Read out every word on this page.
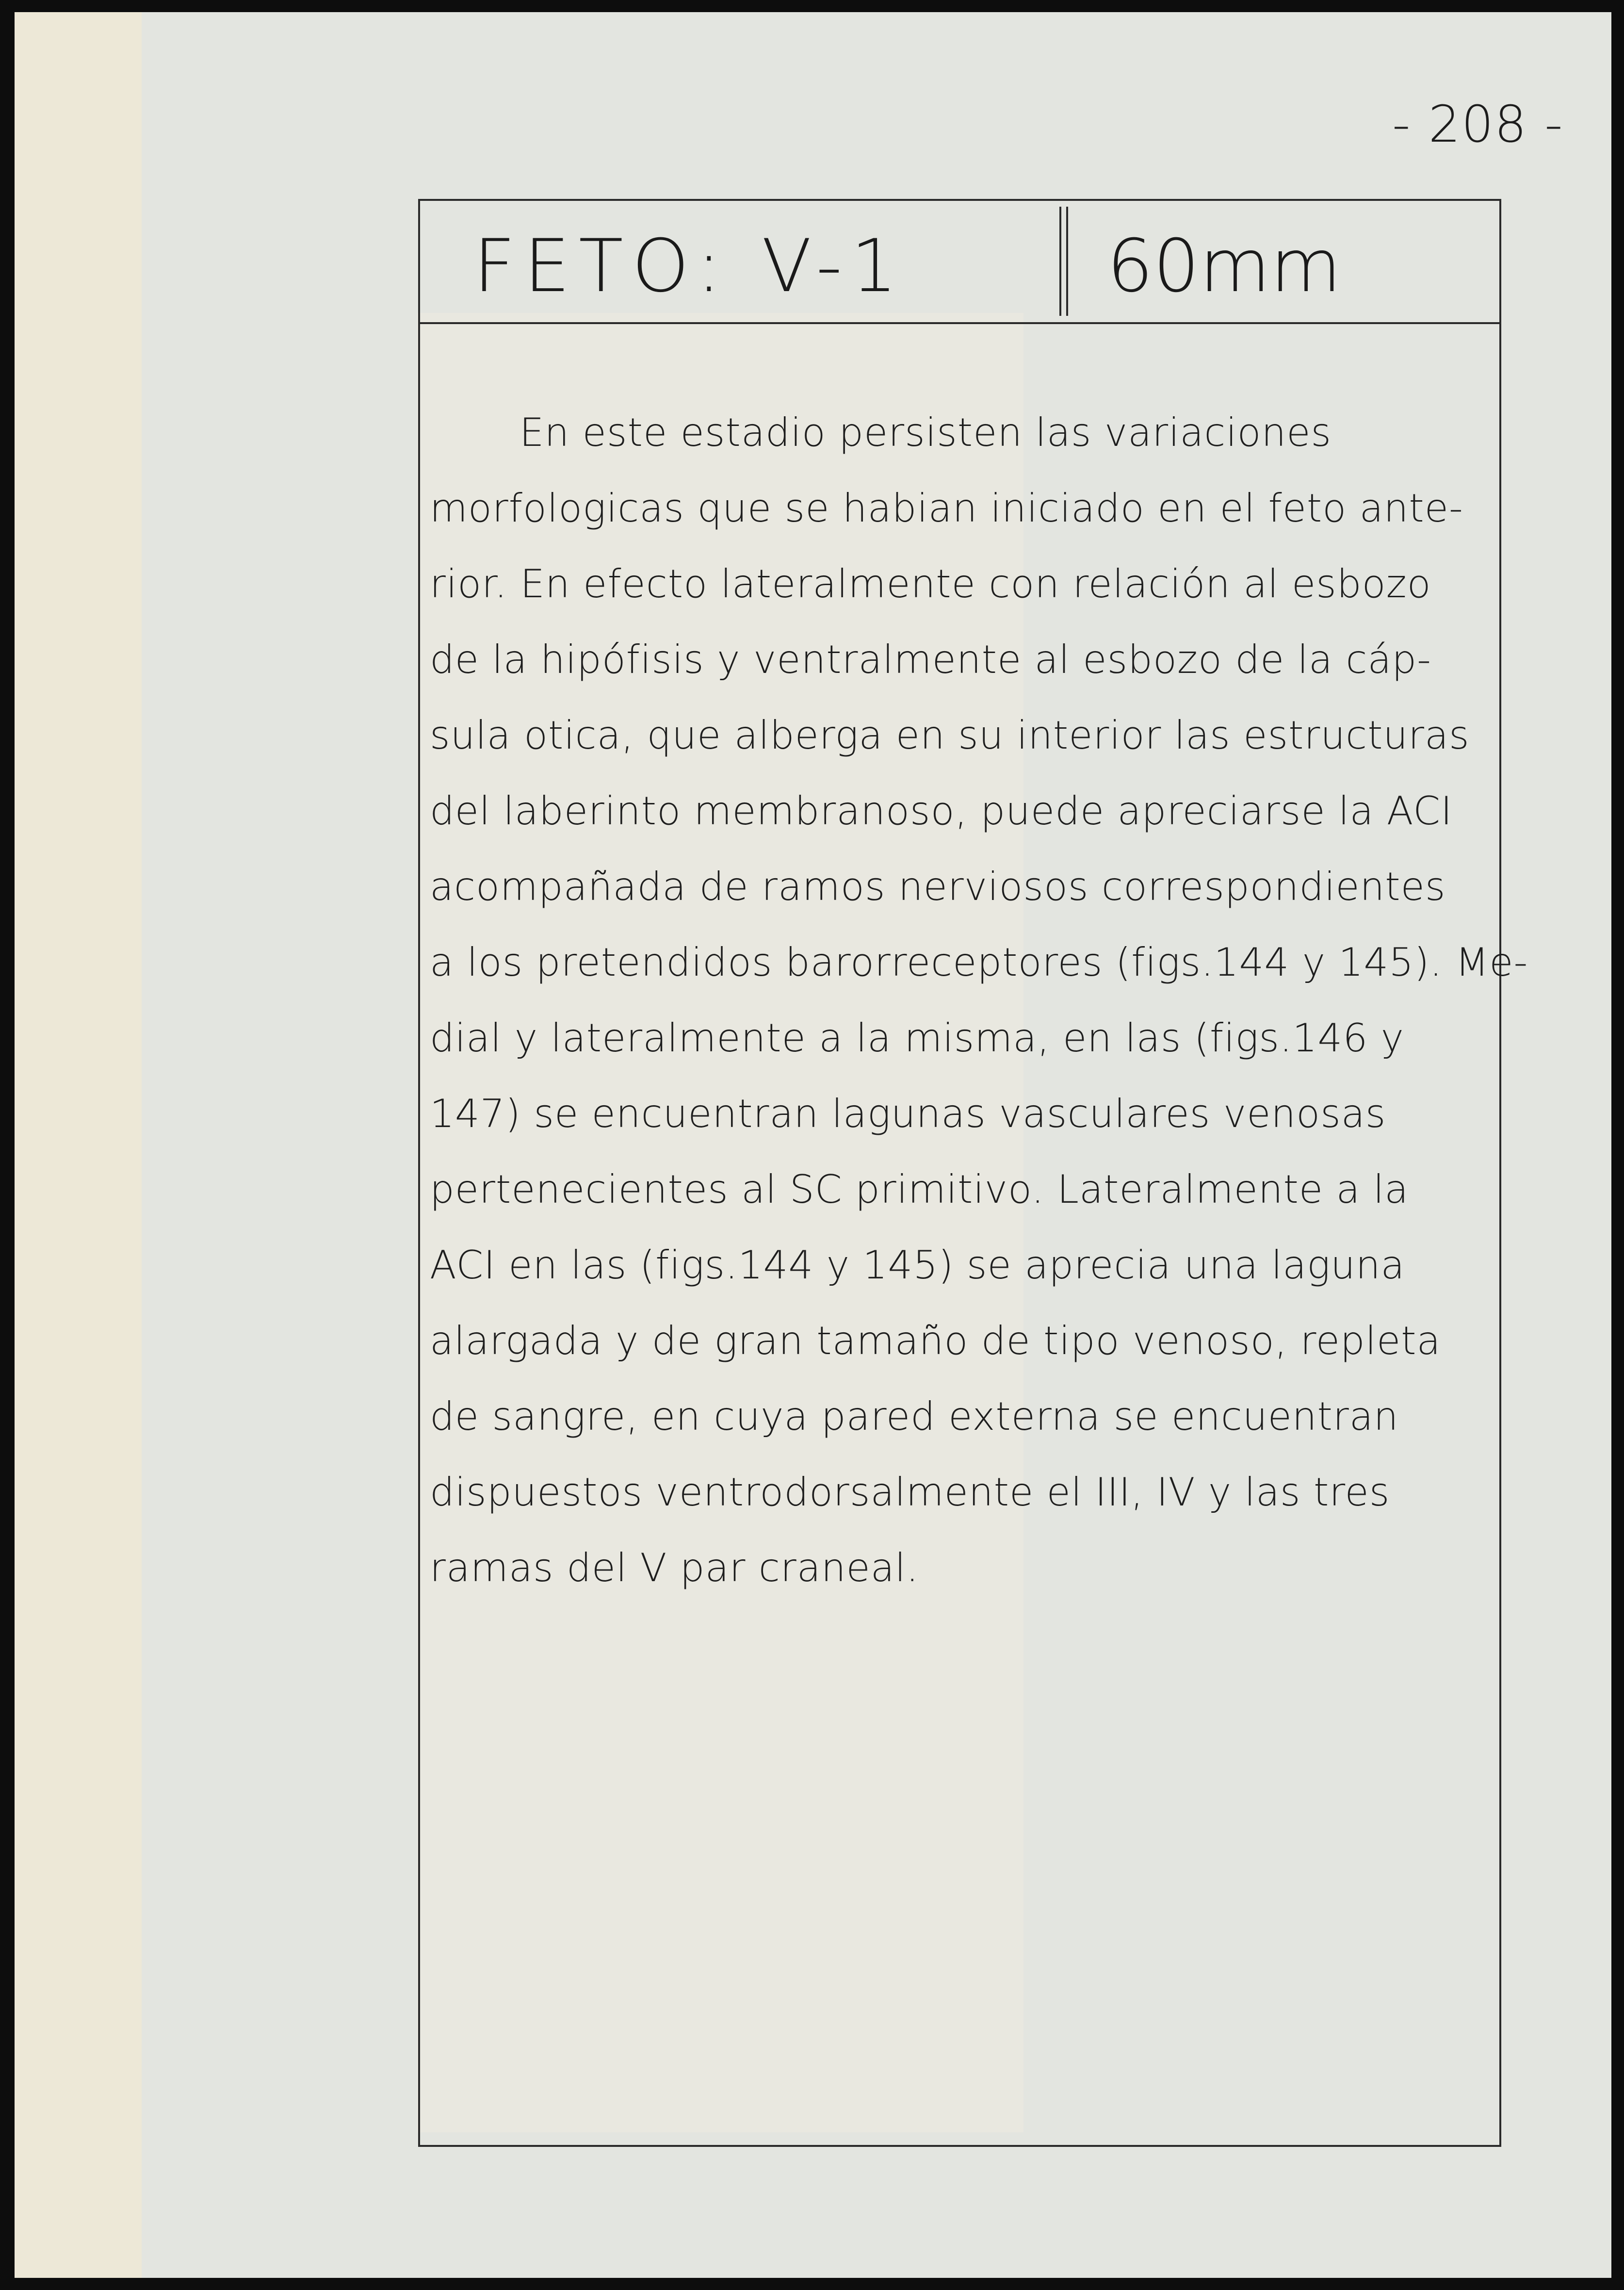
- 208 -
FETO: V-1	60mm
En este estadio persisten las variaciones
morfologicas que se habian iniciado en el feto ante-
rior. En efecto lateralmente con relación al esbozo
de la hipófisis y ventralmente al esbozo de la cáp-
sula otica, que alberga en su interior las estructuras
del laberinto membranoso, puede apreciarse la ACI
acompañada de ramos nerviosos correspondientes
a los pretendidos barorreceptores (figs.144 y 145). Me-
dial y lateralmente a la misma, en las (figs.146 y
147) se encuentran lagunas vasculares venosas
pertenecientes al SC primitivo. Lateralmente a la
ACI en las (figs.144 y 145) se aprecia una laguna
alargada y de gran tamaño de tipo venoso, repleta
de sangre, en cuya pared externa se encuentran
dispuestos ventrodorsalmente el III, IV y las tres
ramas del V par craneal.
